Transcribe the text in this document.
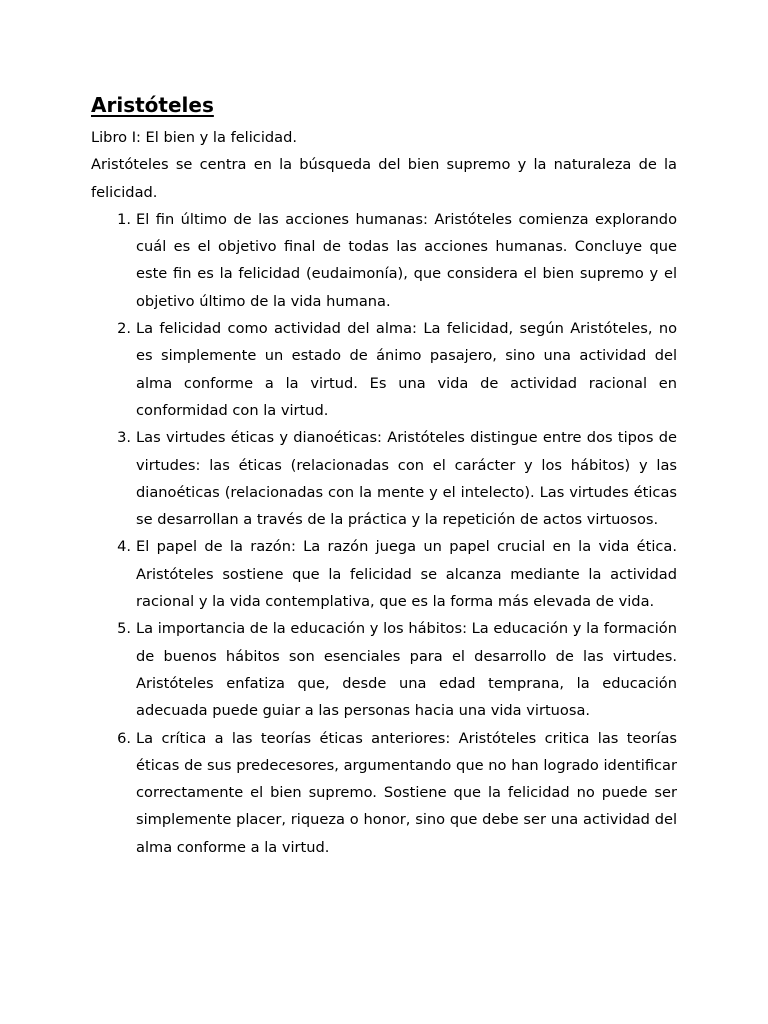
Aristóteles

Libro I: El bien y la felicidad.

Aristóteles se centra en la búsqueda del bien supremo y la naturaleza de la felicidad.

1. El fin último de las acciones humanas: Aristóteles comienza explorando cuál es el objetivo final de todas las acciones humanas. Concluye que este fin es la felicidad (eudaimonía), que considera el bien supremo y el objetivo último de la vida humana.
2. La felicidad como actividad del alma: La felicidad, según Aristóteles, no es simplemente un estado de ánimo pasajero, sino una actividad del alma conforme a la virtud. Es una vida de actividad racional en conformidad con la virtud.
3. Las virtudes éticas y dianoéticas: Aristóteles distingue entre dos tipos de virtudes: las éticas (relacionadas con el carácter y los hábitos) y las dianoéticas (relacionadas con la mente y el intelecto). Las virtudes éticas se desarrollan a través de la práctica y la repetición de actos virtuosos.
4. El papel de la razón: La razón juega un papel crucial en la vida ética. Aristóteles sostiene que la felicidad se alcanza mediante la actividad racional y la vida contemplativa, que es la forma más elevada de vida.
5. La importancia de la educación y los hábitos: La educación y la formación de buenos hábitos son esenciales para el desarrollo de las virtudes. Aristóteles enfatiza que, desde una edad temprana, la educación adecuada puede guiar a las personas hacia una vida virtuosa.
6. La crítica a las teorías éticas anteriores: Aristóteles critica las teorías éticas de sus predecesores, argumentando que no han logrado identificar correctamente el bien supremo. Sostiene que la felicidad no puede ser simplemente placer, riqueza o honor, sino que debe ser una actividad del alma conforme a la virtud.
